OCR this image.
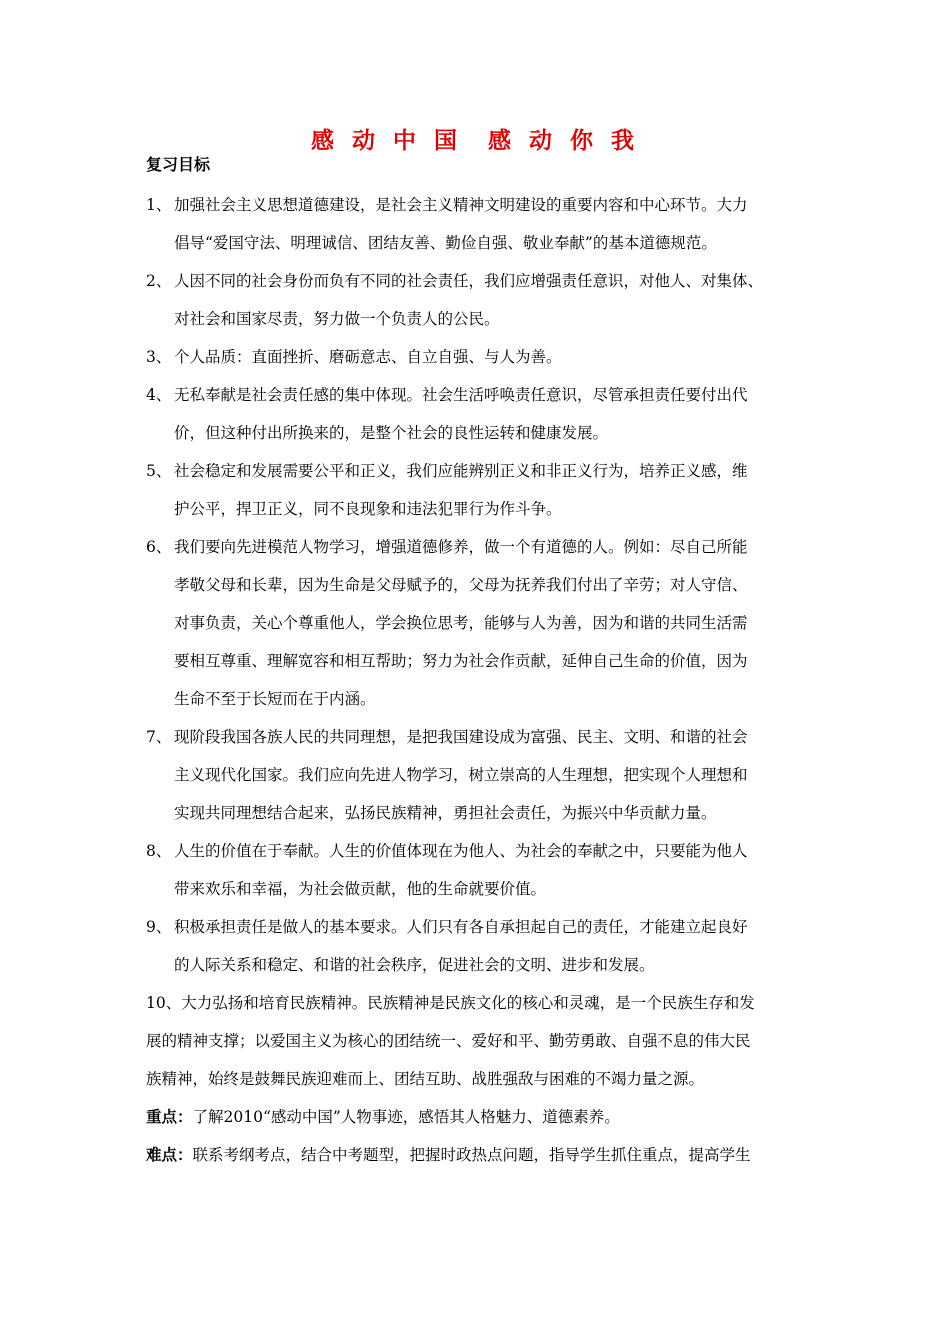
感 动 中 国  感 动 你 我
复习目标
1、 加强社会主义思想道德建设，是社会主义精神文明建设的重要内容和中心环节。大力
倡导“爱国守法、明理诚信、团结友善、勤俭自强、敬业奉献”的基本道德规范。
2、 人因不同的社会身份而负有不同的社会责任，我们应增强责任意识，对他人、对集体、
对社会和国家尽责，努力做一个负责人的公民。
3、 个人品质：直面挫折、磨砺意志、自立自强、与人为善。
4、 无私奉献是社会责任感的集中体现。社会生活呼唤责任意识，尽管承担责任要付出代
价，但这种付出所换来的，是整个社会的良性运转和健康发展。
5、 社会稳定和发展需要公平和正义，我们应能辨别正义和非正义行为，培养正义感，维
护公平，捍卫正义，同不良现象和违法犯罪行为作斗争。
6、 我们要向先进模范人物学习，增强道德修养，做一个有道德的人。例如：尽自己所能
孝敬父母和长辈，因为生命是父母赋予的，父母为抚养我们付出了辛劳；对人守信、
对事负责，关心个尊重他人，学会换位思考，能够与人为善，因为和谐的共同生活需
要相互尊重、理解宽容和相互帮助；努力为社会作贡献，延伸自己生命的价值，因为
生命不至于长短而在于内涵。
7、 现阶段我国各族人民的共同理想，是把我国建设成为富强、民主、文明、和谐的社会
主义现代化国家。我们应向先进人物学习，树立崇高的人生理想，把实现个人理想和
实现共同理想结合起来，弘扬民族精神，勇担社会责任，为振兴中华贡献力量。
8、 人生的价值在于奉献。人生的价值体现在为他人、为社会的奉献之中，只要能为他人
带来欢乐和幸福，为社会做贡献，他的生命就要价值。
9、 积极承担责任是做人的基本要求。人们只有各自承担起自己的责任，才能建立起良好
的人际关系和稳定、和谐的社会秩序，促进社会的文明、进步和发展。
10、大力弘扬和培育民族精神。民族精神是民族文化的核心和灵魂，是一个民族生存和发
展的精神支撑；以爱国主义为核心的团结统一、爱好和平、勤劳勇敢、自强不息的伟大民
族精神，始终是鼓舞民族迎难而上、团结互助、战胜强敌与困难的不竭力量之源。
重点：了解2010“感动中国”人物事迹，感悟其人格魅力、道德素养。
难点：联系考纲考点，结合中考题型，把握时政热点问题，指导学生抓住重点，提高学生
